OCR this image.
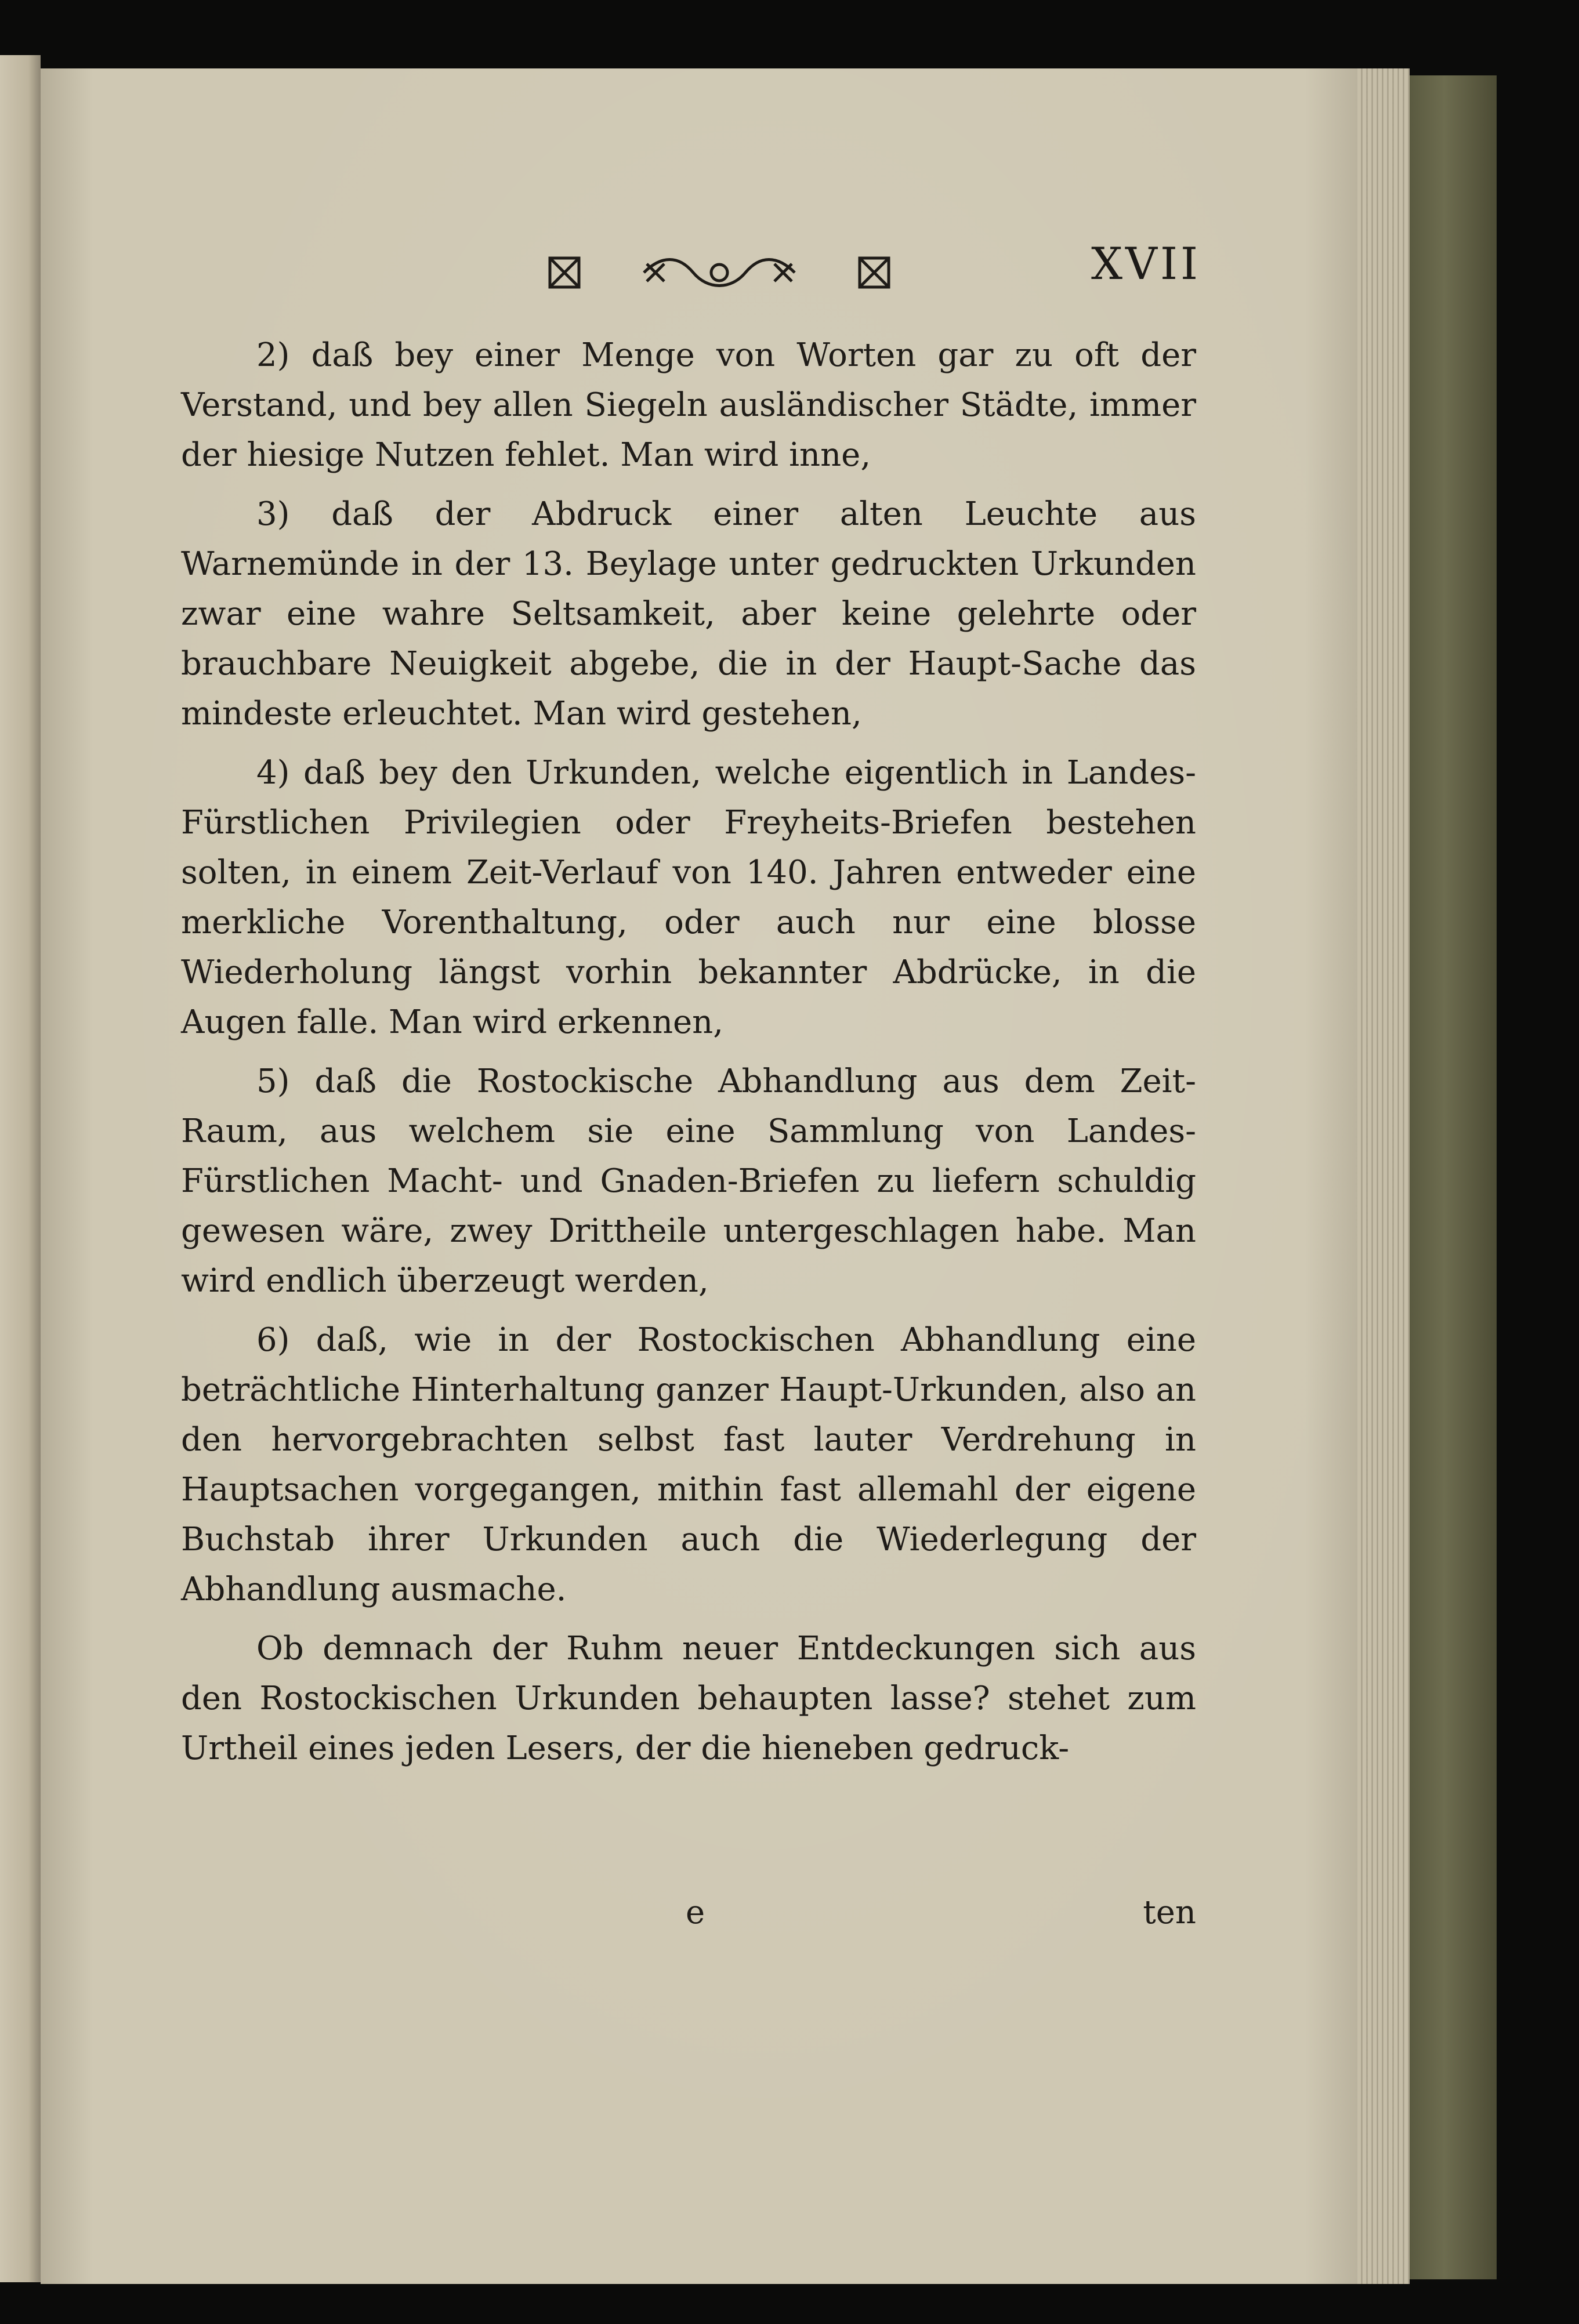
XVII

2) daß bey einer Menge von Worten gar zu oft der Verstand, und bey allen Siegeln ausländischer Städte, immer der hiesige Nutzen fehlet. Man wird inne,

3) daß der Abdruck einer alten Leuchte aus Warnemünde in der 13. Beylage unter gedruckten Urkunden zwar eine wahre Seltsamkeit, aber keine gelehrte oder brauchbare Neuigkeit abgebe, die in der Haupt-Sache das mindeste erleuchtet. Man wird gestehen,

4) daß bey den Urkunden, welche eigentlich in Landes-Fürstlichen Privilegien oder Freyheits-Briefen bestehen solten, in einem Zeit-Verlauf von 140. Jahren entweder eine merkliche Vorenthaltung, oder auch nur eine blosse Wiederholung längst vorhin bekannter Abdrücke, in die Augen falle. Man wird erkennen,

5) daß die Rostockische Abhandlung aus dem Zeit-Raum, aus welchem sie eine Sammlung von Landes-Fürstlichen Macht- und Gnaden-Briefen zu liefern schuldig gewesen wäre, zwey Drittheile untergeschlagen habe. Man wird endlich überzeugt werden,

6) daß, wie in der Rostockischen Abhandlung eine beträchtliche Hinterhaltung ganzer Haupt-Urkunden, also an den hervorgebrachten selbst fast lauter Verdrehung in Hauptsachen vorgegangen, mithin fast allemahl der eigene Buchstab ihrer Urkunden auch die Wiederlegung der Abhandlung ausmache.

Ob demnach der Ruhm neuer Entdeckungen sich aus den Rostockischen Urkunden behaupten lasse? stehet zum Urtheil eines jeden Lesers, der die hieneben gedruck-

e	ten
